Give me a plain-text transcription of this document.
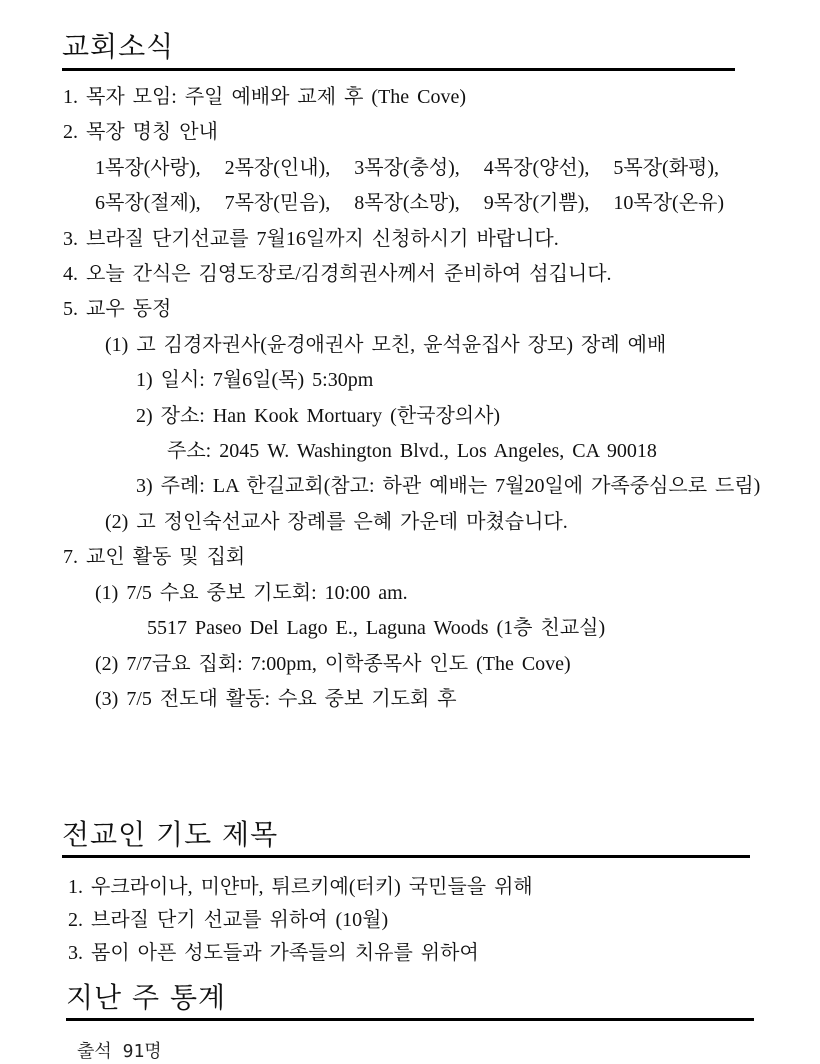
교회소식
1. 목자 모임: 주일 예배와 교제 후 (The Cove)
2. 목장 명칭 안내
1목장(사랑),   2목장(인내),   3목장(충성),   4목장(양선),   5목장(화평),
6목장(절제),   7목장(믿음),   8목장(소망),   9목장(기쁨),   10목장(온유)
3. 브라질 단기선교를 7월16일까지 신청하시기 바랍니다.
4. 오늘 간식은 김영도장로/김경희권사께서 준비하여 섬깁니다.
5. 교우 동정
(1) 고 김경자권사(윤경애권사 모친, 윤석윤집사 장모) 장례 예배
1) 일시: 7월6일(목) 5:30pm
2) 장소: Han Kook Mortuary (한국장의사)
주소: 2045 W. Washington Blvd., Los Angeles, CA 90018
3) 주례: LA 한길교회(참고: 하관 예배는 7월20일에 가족중심으로 드림)
(2) 고 정인숙선교사 장례를 은혜 가운데 마쳤습니다.
7. 교인 활동 및 집회
(1) 7/5 수요 중보 기도회: 10:00 am.
5517 Paseo Del Lago E., Laguna Woods (1층 친교실)
(2) 7/7금요 집회: 7:00pm, 이학종목사 인도 (The Cove)
(3) 7/5 전도대 활동: 수요 중보 기도회 후
전교인 기도 제목
1. 우크라이나, 미얀마, 튀르키예(터키) 국민들을 위해
2. 브라질 단기 선교를 위하여 (10월)
3. 몸이 아픈 성도들과 가족들의 치유를 위하여
지난 주 통계
출석 91명
